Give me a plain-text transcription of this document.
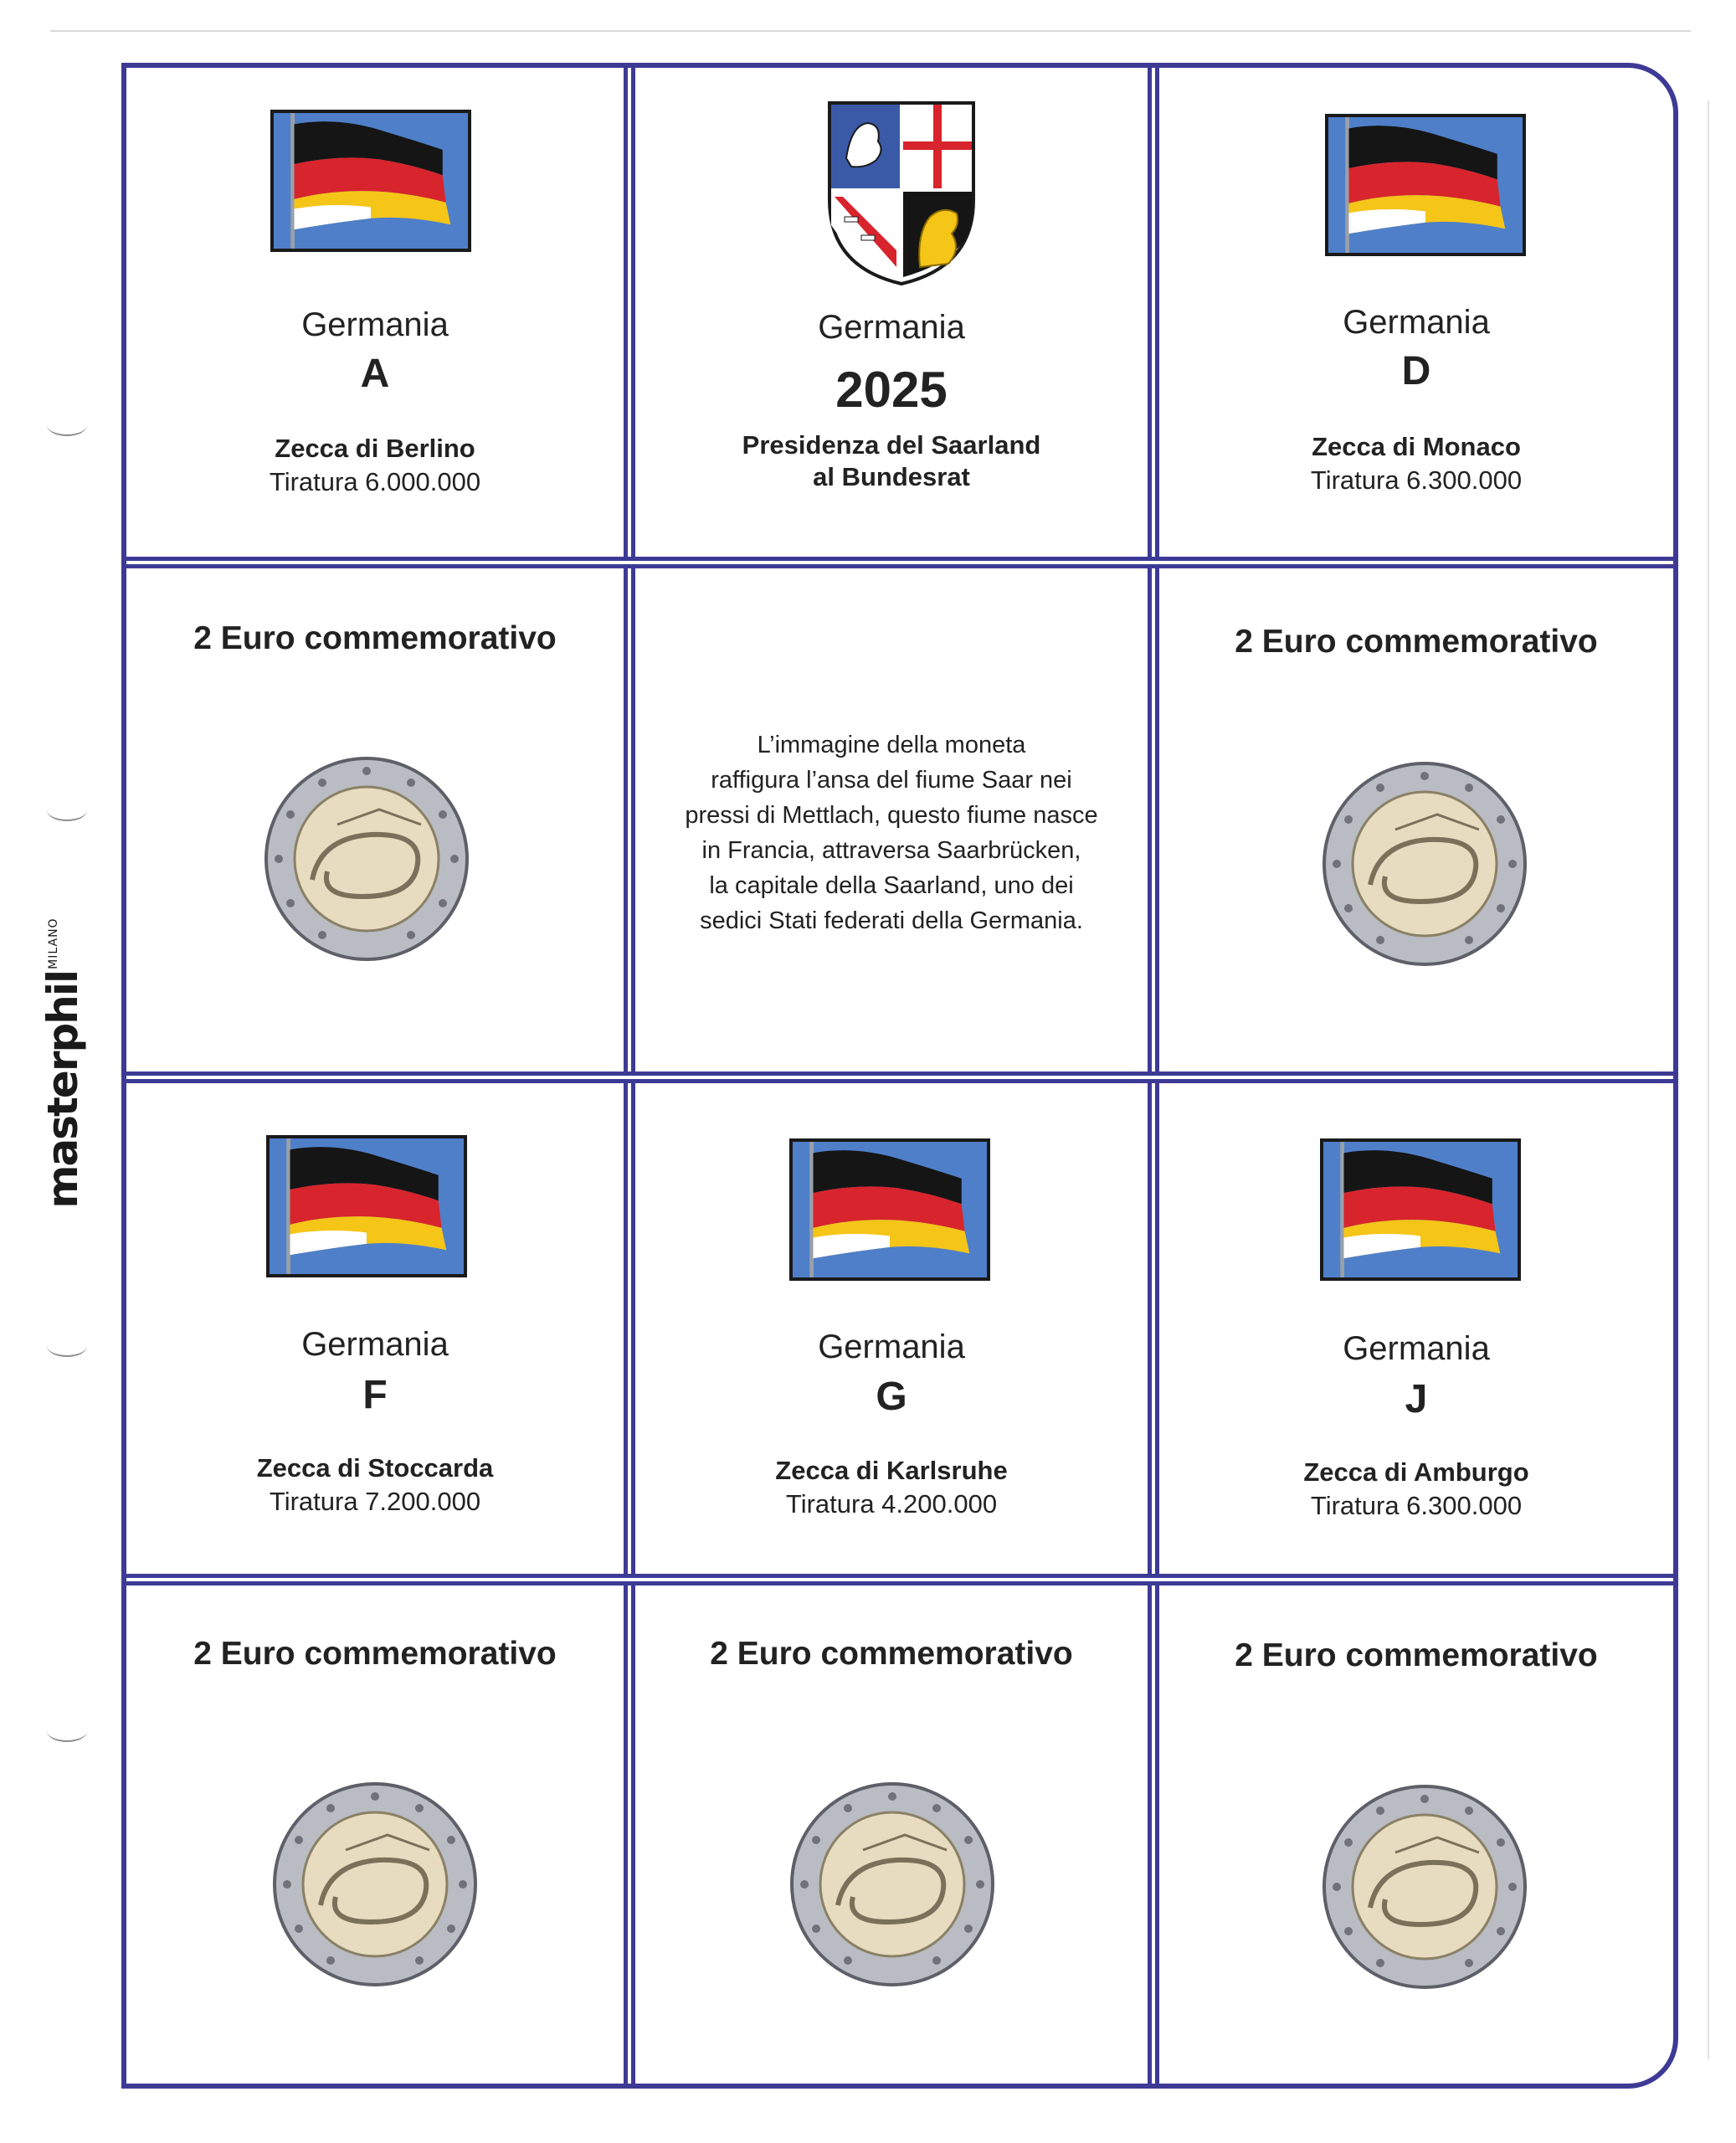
masterphil
MILANO
Germania
A
Zecca di Berlino
Tiratura 6.000.000
Germania
2025
Presidenza del Saarland
al Bundesrat
Germania
D
Zecca di Monaco
Tiratura 6.300.000
2 Euro commemorativo
L’immagine della moneta
raffigura l’ansa del fiume Saar nei
pressi di Mettlach, questo fiume nasce
in Francia, attraversa Saarbrücken,
la capitale della Saarland, uno dei
sedici Stati federati della Germania.
2 Euro commemorativo
Germania
F
Zecca di Stoccarda
Tiratura 7.200.000
Germania
G
Zecca di Karlsruhe
Tiratura 4.200.000
Germania
J
Zecca di Amburgo
Tiratura 6.300.000
2 Euro commemorativo	2 Euro commemorativo	2 Euro commemorativo
